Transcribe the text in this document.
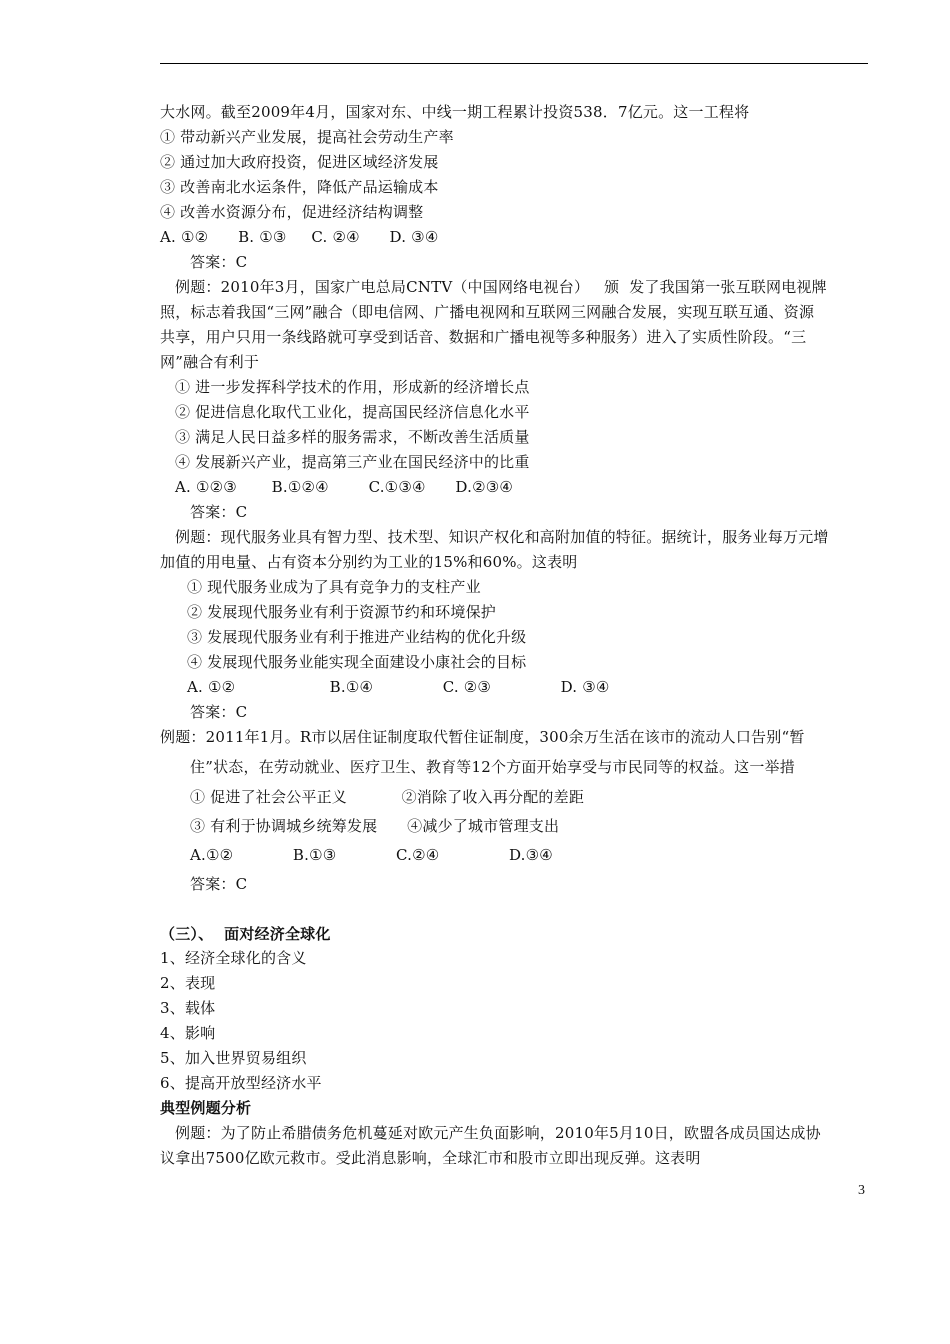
大水网。截至2009年4月，国家对东、中线一期工程累计投资538．7亿元。这一工程将
① 带动新兴产业发展，提高社会劳动生产率
② 通过加大政府投资，促进区域经济发展
③ 改善南北水运条件，降低产品运输成本
④ 改善水资源分布，促进经济结构调整
A. ①②      B. ①③     C. ②④      D. ③④
答案：C
例题：2010年3月，国家广电总局CNTV（中国网络电视台）   颁  发了我国第一张互联网电视牌
照，标志着我国“三网”融合（即电信网、广播电视网和互联网三网融合发展，实现互联互通、资源
共享，用户只用一条线路就可享受到话音、数据和广播电视等多种服务）进入了实质性阶段。“三
网”融合有利于
① 进一步发挥科学技术的作用，形成新的经济增长点
② 促进信息化取代工业化，提高国民经济信息化水平
③ 满足人民日益多样的服务需求，不断改善生活质量
④ 发展新兴产业，提高第三产业在国民经济中的比重
A. ①②③       B.①②④        C.①③④      D.②③④
答案：C
例题：现代服务业具有智力型、技术型、知识产权化和高附加值的特征。据统计，服务业每万元增
加值的用电量、占有资本分别约为工业的15%和60%。这表明
① 现代服务业成为了具有竞争力的支柱产业
② 发展现代服务业有利于资源节约和环境保护
③ 发展现代服务业有利于推进产业结构的优化升级
④ 发展现代服务业能实现全面建设小康社会的目标
A. ①②                   B.①④              C. ②③              D. ③④
答案：C
例题：2011年1月。R市以居住证制度取代暂住证制度，300余万生活在该市的流动人口告别“暂
住”状态，在劳动就业、医疗卫生、教育等12个方面开始享受与市民同等的权益。这一举措
① 促进了社会公平正义           ②消除了收入再分配的差距
③ 有利于协调城乡统筹发展      ④减少了城市管理支出
A.①②            B.①③            C.②④              D.③④
答案：C
（三）、  面对经济全球化
1、经济全球化的含义
2、表现
3、载体
4、影响
5、加入世界贸易组织
6、提高开放型经济水平
典型例题分析
例题：为了防止希腊债务危机蔓延对欧元产生负面影响，2010年5月10日，欧盟各成员国达成协
议拿出7500亿欧元救市。受此消息影响，全球汇市和股市立即出现反弹。这表明
3
